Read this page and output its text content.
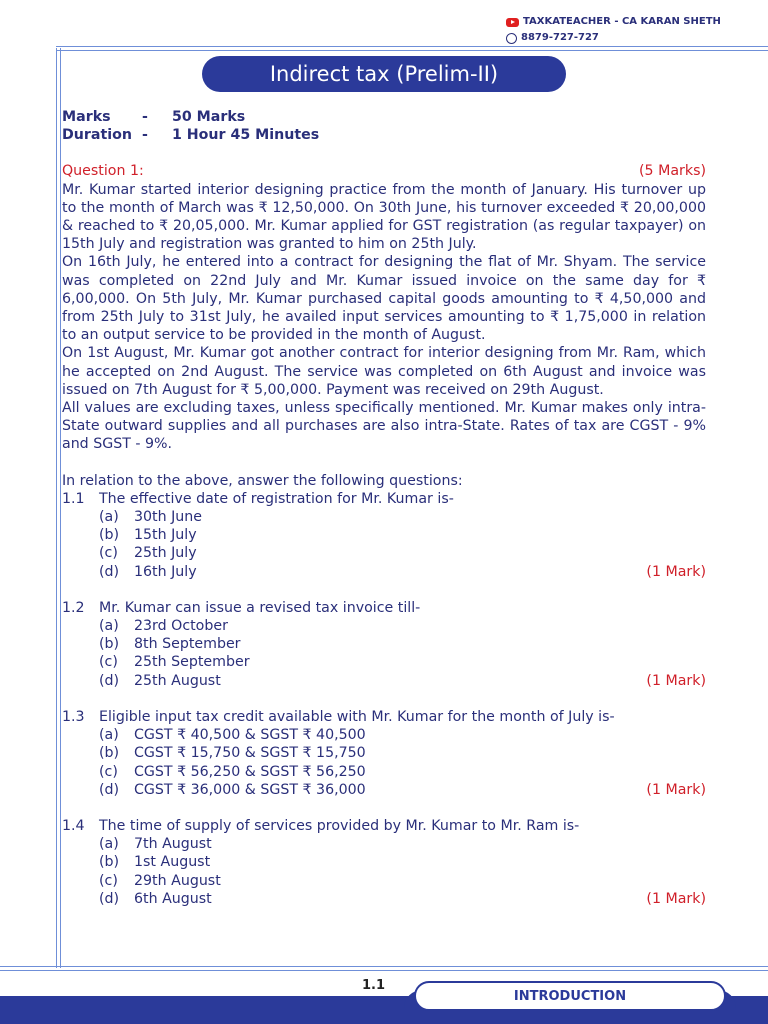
TAXKATEACHER - CA KARAN SHETH
8879-727-727
Indirect tax (Prelim-II)
Marks	-	50 Marks
Duration -	1 Hour 45 Minutes
Question 1:	(5 Marks)

Mr. Kumar started interior designing practice from the month of January. His turnover up to the month of March was ₹ 12,50,000. On 30th June, his turnover exceeded ₹ 20,00,000 & reached to ₹ 20,05,000. Mr. Kumar applied for GST registration (as regular taxpayer) on 15th July and registration was granted to him on 25th July.

On 16th July, he entered into a contract for designing the flat of Mr. Shyam. The service was completed on 22nd July and Mr. Kumar issued invoice on the same day for ₹ 6,00,000. On 5th July, Mr. Kumar purchased capital goods amounting to ₹ 4,50,000 and from 25th July to 31st July, he availed input services amounting to ₹ 1,75,000 in relation to an output service to be provided in the month of August.

On 1st August, Mr. Kumar got another contract for interior designing from Mr. Ram, which he accepted on 2nd August. The service was completed on 6th August and invoice was issued on 7th August for ₹ 5,00,000. Payment was received on 29th August.

All values are excluding taxes, unless specifically mentioned. Mr. Kumar makes only intra-State outward supplies and all purchases are also intra-State. Rates of tax are CGST - 9% and SGST - 9%.

In relation to the above, answer the following questions:
1.1	The effective date of registration for Mr. Kumar is-
(a)	30th June
(b)	15th July
(c)	25th July
(d)	16th July	(1 Mark)
1.2	Mr. Kumar can issue a revised tax invoice till-
(a)	23rd October
(b)	8th September
(c)	25th September
(d)	25th August	(1 Mark)
1.3	Eligible input tax credit available with Mr. Kumar for the month of July is-
(a)	CGST ₹ 40,500 & SGST ₹ 40,500
(b)	CGST ₹ 15,750 & SGST ₹ 15,750
(c)	CGST ₹ 56,250 & SGST ₹ 56,250
(d)	CGST ₹ 36,000 & SGST ₹ 36,000	(1 Mark)
1.4	The time of supply of services provided by Mr. Kumar to Mr. Ram is-
(a)	7th August
(b)	1st August
(c)	29th August
(d)	6th August	(1 Mark)
1.1
INTRODUCTION
